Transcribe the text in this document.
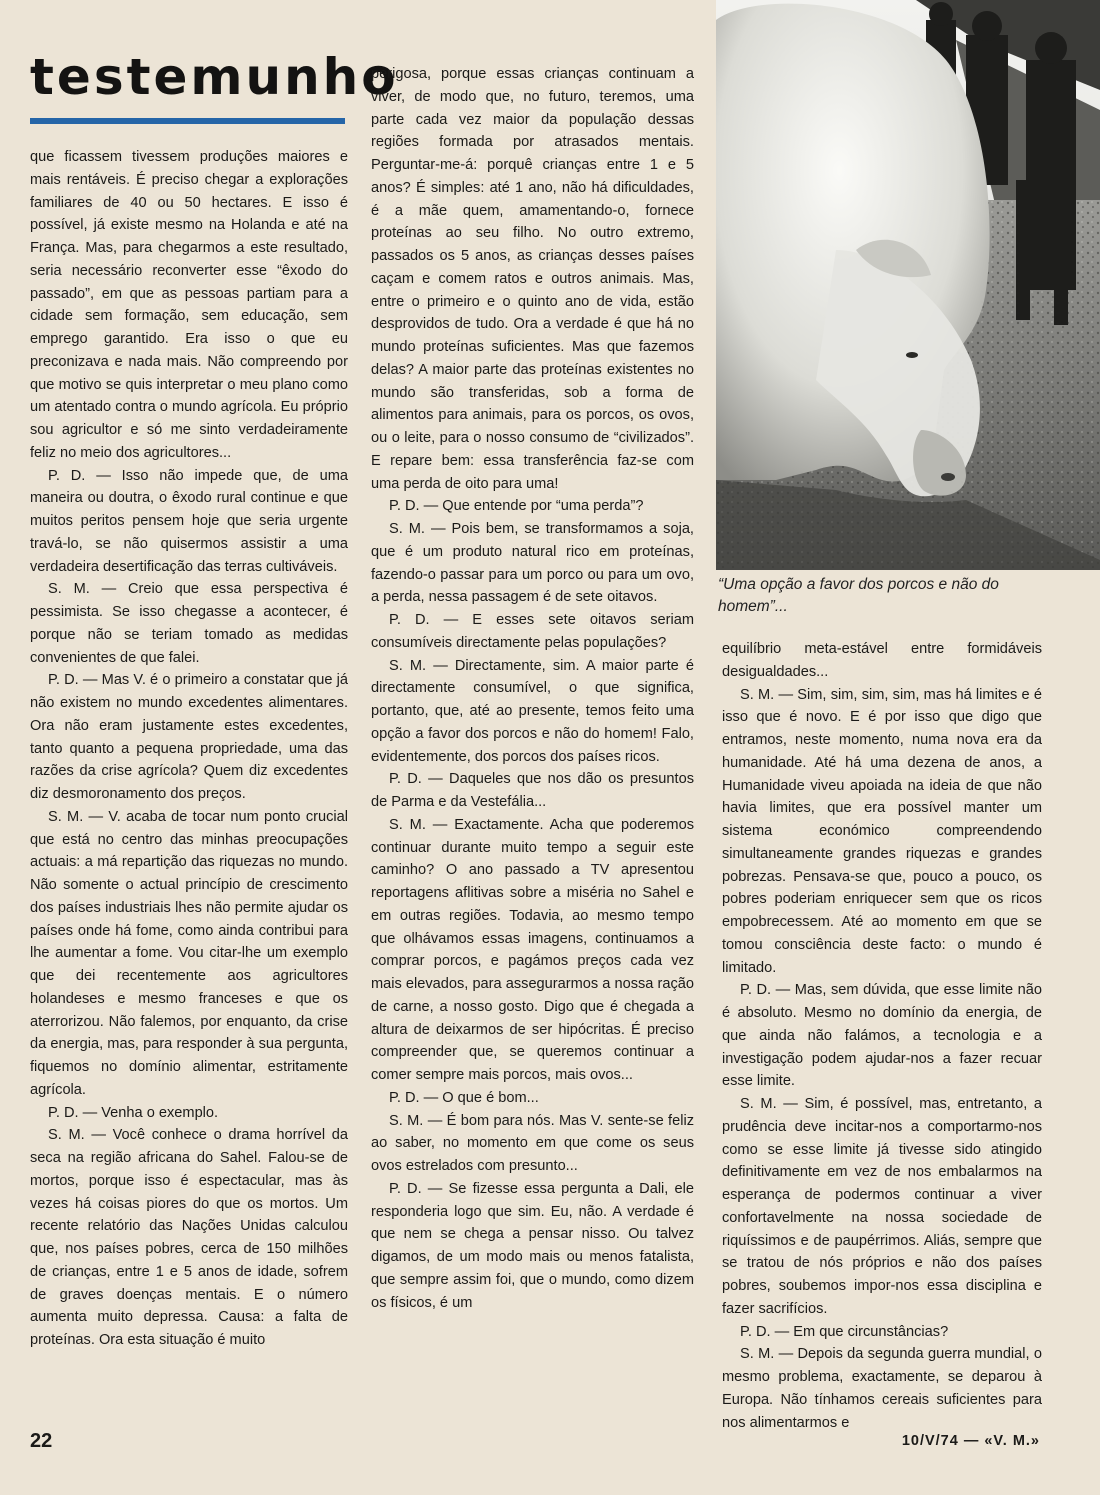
testemunho

que ficassem tivessem produções maiores e mais rentáveis. É preciso chegar a explorações familiares de 40 ou 50 hectares. E isso é possível, já existe mesmo na Holanda e até na França. Mas, para chegarmos a este resultado, seria necessário reconverter esse “êxodo do passado”, em que as pessoas partiam para a cidade sem formação, sem educação, sem emprego garantido. Era isso o que eu preconizava e nada mais. Não compreendo por que motivo se quis interpretar o meu plano como um atentado contra o mundo agrícola. Eu próprio sou agricultor e só me sinto verdadeiramente feliz no meio dos agricultores...

P. D. — Isso não impede que, de uma maneira ou doutra, o êxodo rural continue e que muitos peritos pensem hoje que seria urgente travá-lo, se não quisermos assistir a uma verdadeira desertificação das terras cultiváveis.

S. M. — Creio que essa perspectiva é pessimista. Se isso chegasse a acontecer, é porque não se teriam tomado as medidas convenientes de que falei.

P. D. — Mas V. é o primeiro a constatar que já não existem no mundo excedentes alimentares. Ora não eram justamente estes excedentes, tanto quanto a pequena propriedade, uma das razões da crise agrícola? Quem diz excedentes diz desmoronamento dos preços.

S. M. — V. acaba de tocar num ponto crucial que está no centro das minhas preocupações actuais: a má repartição das riquezas no mundo. Não somente o actual princípio de crescimento dos países industriais lhes não permite ajudar os países onde há fome, como ainda contribui para lhe aumentar a fome. Vou citar-lhe um exemplo que dei recentemente aos agricultores holandeses e mesmo franceses e que os aterrorizou. Não falemos, por enquanto, da crise da energia, mas, para responder à sua pergunta, fiquemos no domínio alimentar, estritamente agrícola.

P. D. — Venha o exemplo.

S. M. — Você conhece o drama horrível da seca na região africana do Sahel. Falou-se de mortos, porque isso é espectacular, mas às vezes há coisas piores do que os mortos. Um recente relatório das Nações Unidas calculou que, nos países pobres, cerca de 150 milhões de crianças, entre 1 e 5 anos de idade, sofrem de graves doenças mentais. E o número aumenta muito depressa. Causa: a falta de proteínas. Ora esta situação é muito

perigosa, porque essas crianças continuam a viver, de modo que, no futuro, teremos, uma parte cada vez maior da população dessas regiões formada por atrasados mentais. Perguntar-me-á: porquê crianças entre 1 e 5 anos? É simples: até 1 ano, não há dificuldades, é a mãe quem, amamentando-o, fornece proteínas ao seu filho. No outro extremo, passados os 5 anos, as crianças desses países caçam e comem ratos e outros animais. Mas, entre o primeiro e o quinto ano de vida, estão desprovidos de tudo. Ora a verdade é que há no mundo proteínas suficientes. Mas que fazemos delas? A maior parte das proteínas existentes no mundo são transferidas, sob a forma de alimentos para animais, para os porcos, os ovos, ou o leite, para o nosso consumo de “civilizados”. E repare bem: essa transferência faz-se com uma perda de oito para uma!

P. D. — Que entende por “uma perda”?

S. M. — Pois bem, se transformamos a soja, que é um produto natural rico em proteínas, fazendo-o passar para um porco ou para um ovo, a perda, nessa passagem é de sete oitavos.

P. D. — E esses sete oitavos seriam consumíveis directamente pelas populações?

S. M. — Directamente, sim. A maior parte é directamente consumível, o que significa, portanto, que, até ao presente, temos feito uma opção a favor dos porcos e não do homem! Falo, evidentemente, dos porcos dos países ricos.

P. D. — Daqueles que nos dão os presuntos de Parma e da Vestefália...

S. M. — Exactamente. Acha que poderemos continuar durante muito tempo a seguir este caminho? O ano passado a TV apresentou reportagens aflitivas sobre a miséria no Sahel e em outras regiões. Todavia, ao mesmo tempo que olhávamos essas imagens, continuamos a comprar porcos, e pagámos preços cada vez mais elevados, para assegurarmos a nossa ração de carne, a nosso gosto. Digo que é chegada a altura de deixarmos de ser hipócritas. É preciso compreender que, se queremos continuar a comer sempre mais porcos, mais ovos...

P. D. — O que é bom...

S. M. — É bom para nós. Mas V. sente-se feliz ao saber, no momento em que come os seus ovos estrelados com presunto...

P. D. — Se fizesse essa pergunta a Dali, ele responderia logo que sim. Eu, não. A verdade é que nem se chega a pensar nisso. Ou talvez digamos, de um modo mais ou menos fatalista, que sempre assim foi, que o mundo, como dizem os físicos, é um

“Uma opção a favor dos porcos e não do homem”...

equilíbrio meta-estável entre formidáveis desigualdades...

S. M. — Sim, sim, sim, sim, mas há limites e é isso que é novo. E é por isso que digo que entramos, neste momento, numa nova era da humanidade. Até há uma dezena de anos, a Humanidade viveu apoiada na ideia de que não havia limites, que era possível manter um sistema económico compreendendo simultaneamente grandes riquezas e grandes pobrezas. Pensava-se que, pouco a pouco, os pobres poderiam enriquecer sem que os ricos empobrecessem. Até ao momento em que se tomou consciência deste facto: o mundo é limitado.

P. D. — Mas, sem dúvida, que esse limite não é absoluto. Mesmo no domínio da energia, de que ainda não falámos, a tecnologia e a investigação podem ajudar-nos a fazer recuar esse limite.

S. M. — Sim, é possível, mas, entretanto, a prudência deve incitar-nos a comportarmo-nos como se esse limite já tivesse sido atingido definitivamente em vez de nos embalarmos na esperança de podermos continuar a viver confortavelmente na nossa sociedade de riquíssimos e de paupérrimos. Aliás, sempre que se tratou de nós próprios e não dos países pobres, soubemos impor-nos essa disciplina e fazer sacrifícios.

P. D. — Em que circunstâncias?

S. M. — Depois da segunda guerra mundial, o mesmo problema, exactamente, se deparou à Europa. Não tínhamos cereais suficientes para nos alimentarmos e

22	10/V/74 — «V. M.»
